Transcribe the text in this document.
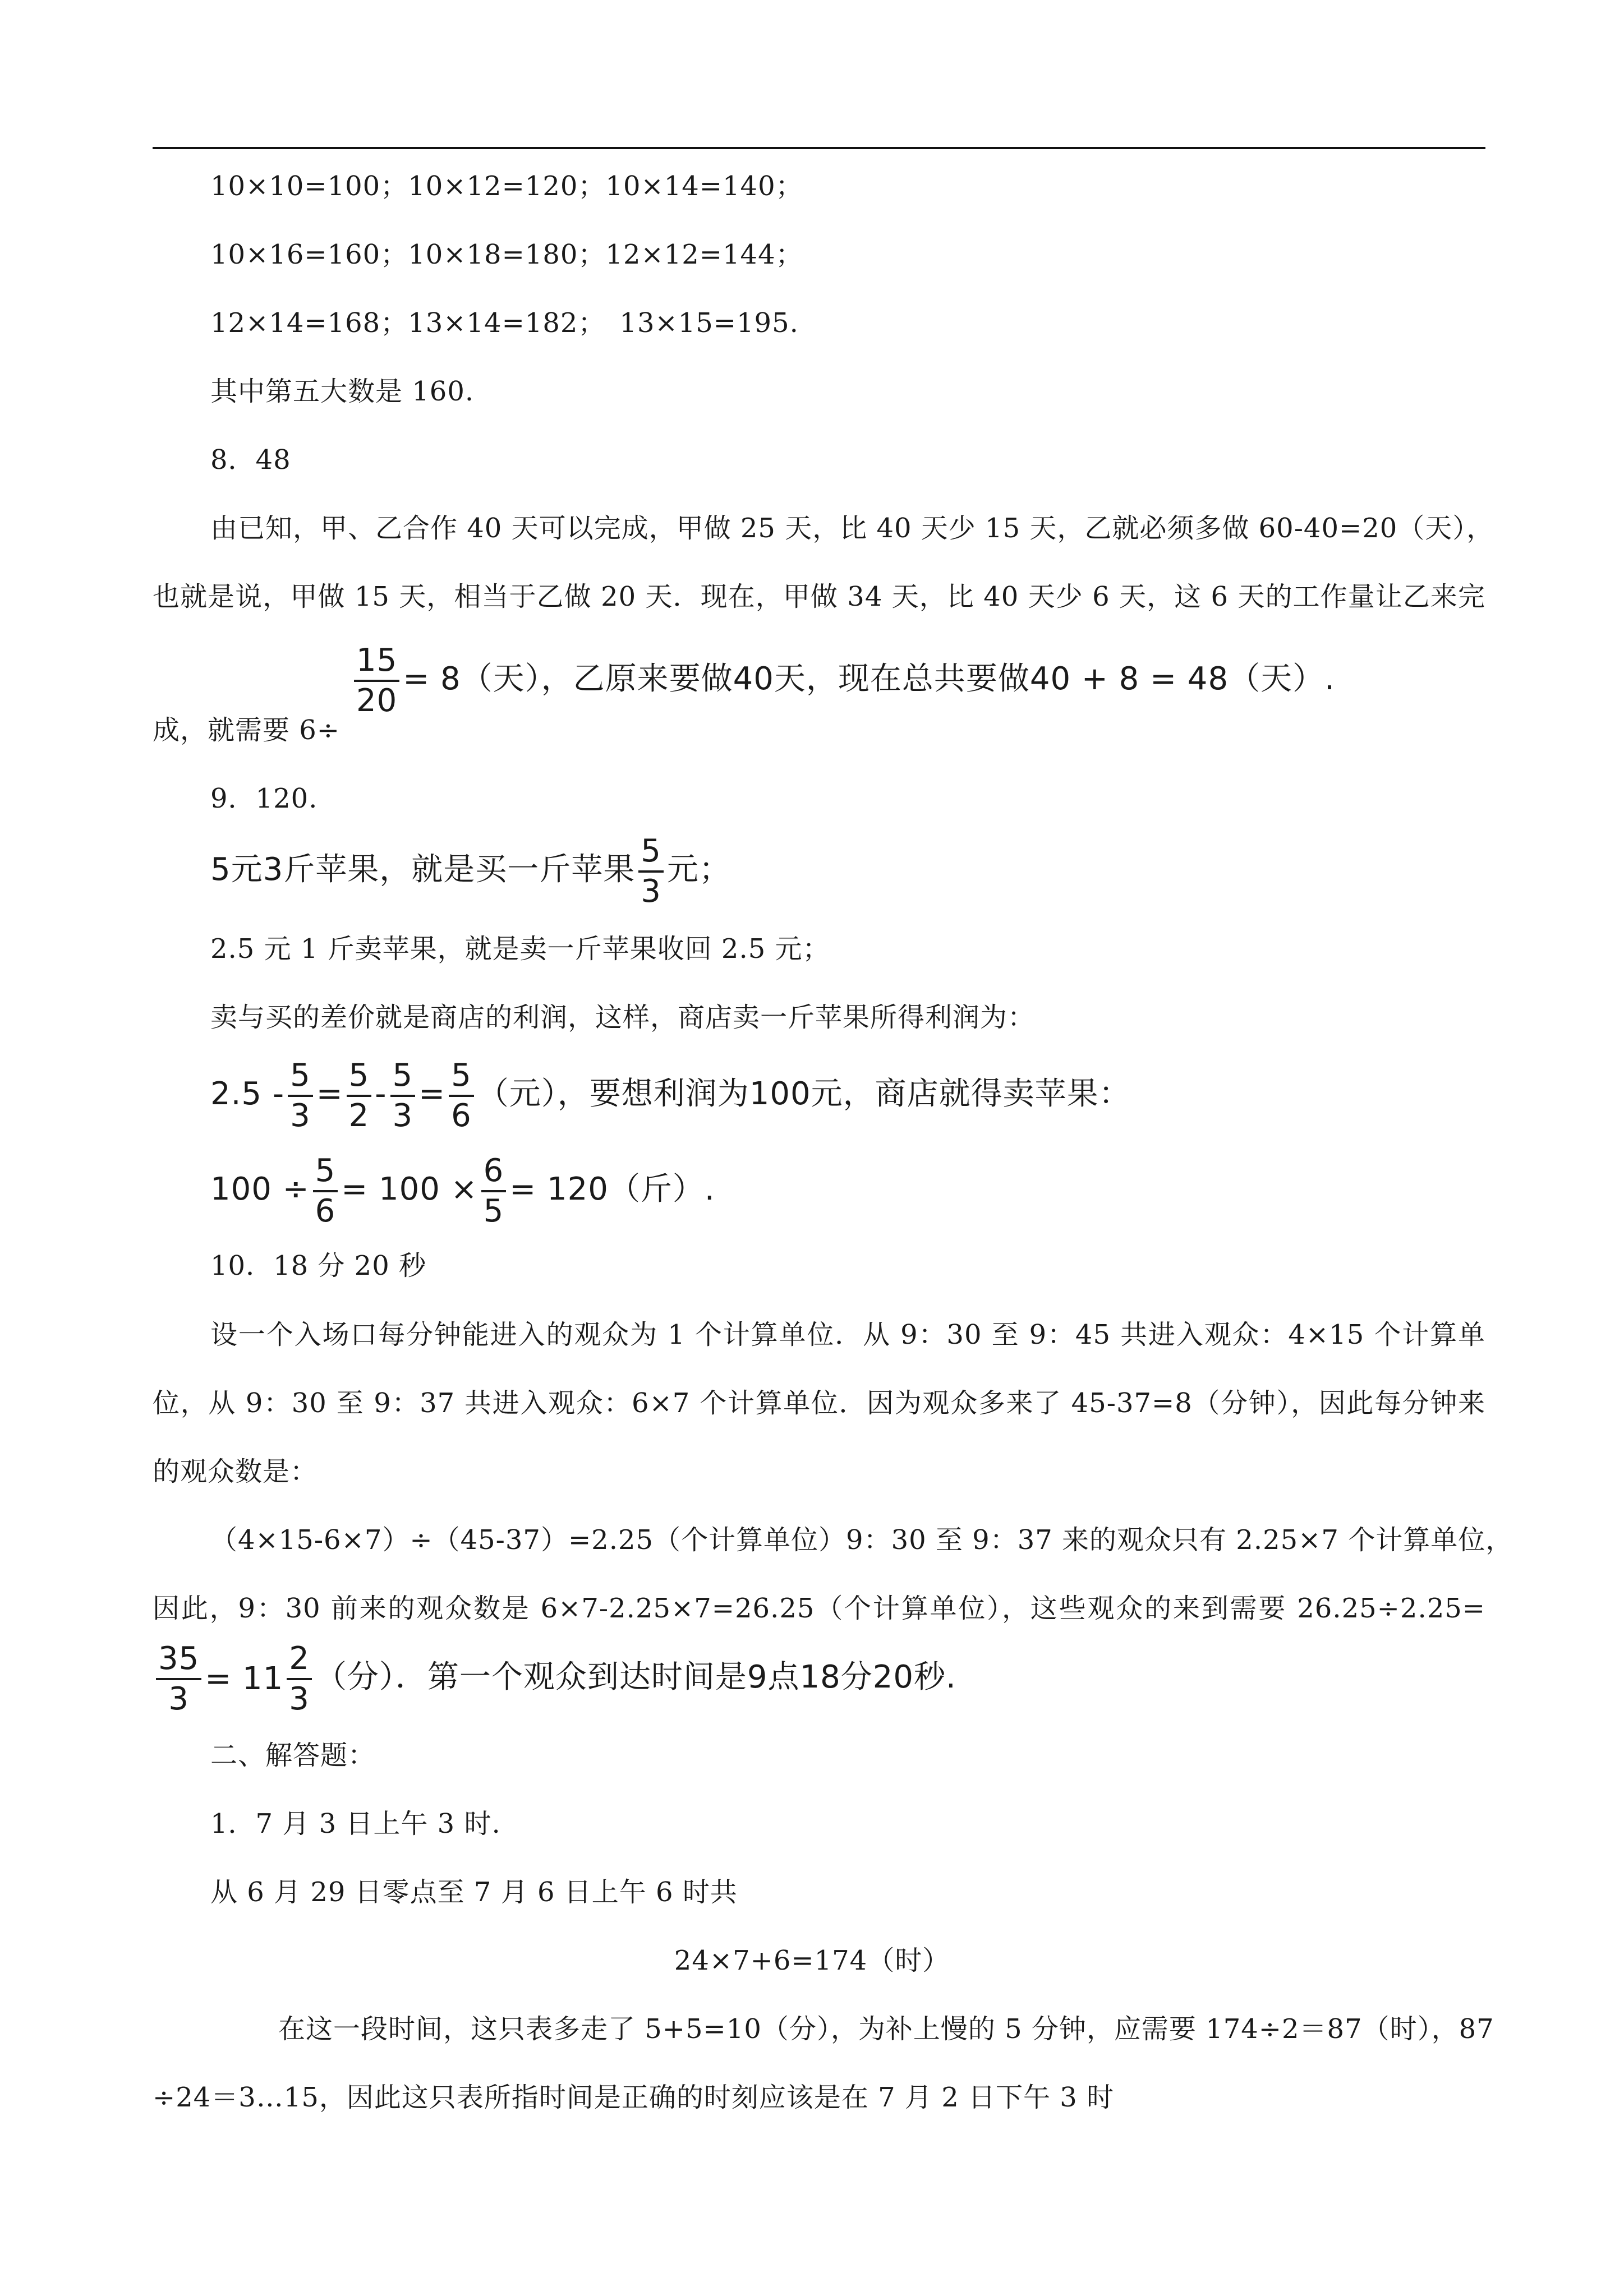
10×10=100；10×12=120；10×14=140；
10×16=160；10×18=180；12×12=144；
12×14=168；13×14=182；　13×15=195.
其中第五大数是 160.
8．48
由已知，甲、乙合作 40 天可以完成，甲做 25 天，比 40 天少 15 天，乙就必须多做 60-40=20（天），
也就是说，甲做 15 天，相当于乙做 20 天．现在，甲做 34 天，比 40 天少 6 天，这 6 天的工作量让乙来完
成，就需要 6÷
$\frac{15}{20} = 8$（天），乙原来要做40天，现在总共要做40 + 8 = 48（天）.
9．120.
5元3斤苹果，就是买一斤苹果 $\frac{5}{3}$ 元；
2.5 元 1 斤卖苹果，就是卖一斤苹果收回 2.5 元；
卖与买的差价就是商店的利润，这样，商店卖一斤苹果所得利润为：
$2.5 - \frac{5}{3} = \frac{5}{2} - \frac{5}{3} = \frac{5}{6}$ （元），要想利润为100元，商店就得卖苹果：
$100 \div \frac{5}{6} = 100 \times \frac{6}{5} = 120$（斤）.
10．18 分 20 秒
设一个入场口每分钟能进入的观众为 1 个计算单位．从 9：30 至 9：45 共进入观众：4×15 个计算单
位，从 9：30 至 9：37 共进入观众：6×7 个计算单位．因为观众多来了 45-37=8（分钟），因此每分钟来
的观众数是：
（4×15-6×7）÷（45-37）=2.25（个计算单位）9：30 至 9：37 来的观众只有 2.25×7 个计算单位，
因此，9：30 前来的观众数是 6×7-2.25×7=26.25（个计算单位），这些观众的来到需要 26.25÷2.25=
$\frac{35}{3} = 11 \frac{2}{3}$ （分）．第一个观众到达时间是9点18分20秒.
二、解答题：
1．7 月 3 日上午 3 时.
从 6 月 29 日零点至 7 月 6 日上午 6 时共
24×7+6=174（时）
在这一段时间，这只表多走了 5+5=10（分），为补上慢的 5 分钟，应需要 174÷2＝87（时），87
÷24＝3…15，因此这只表所指时间是正确的时刻应该是在 7 月 2 日下午 3 时
